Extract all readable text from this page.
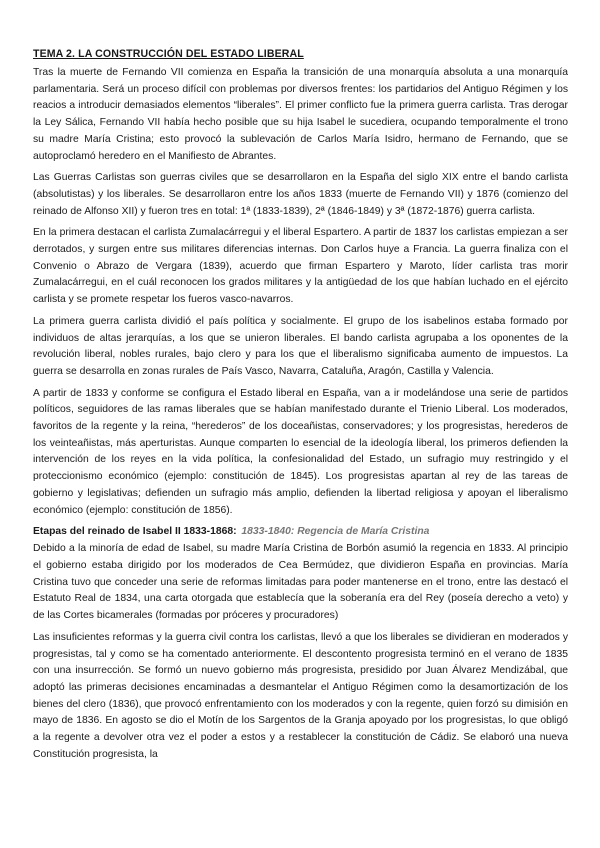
TEMA 2. LA CONSTRUCCIÓN DEL ESTADO LIBERAL

Tras la muerte de Fernando VII comienza en España la transición de una monarquía absoluta a una monarquía parlamentaria. Será un proceso difícil con problemas por diversos frentes: los partidarios del Antiguo Régimen y los reacios a introducir demasiados elementos “liberales”. El primer conflicto fue la primera guerra carlista. Tras derogar la Ley Sálica, Fernando VII había hecho posible que su hija Isabel le sucediera, ocupando temporalmente el trono su madre María Cristina; esto provocó la sublevación de Carlos María Isidro, hermano de Fernando, que se autoproclamó heredero en el Manifiesto de Abrantes.

Las Guerras Carlistas son guerras civiles que se desarrollaron en la España del siglo XIX entre el bando carlista (absolutistas) y los liberales. Se desarrollaron entre los años 1833 (muerte de Fernando VII) y 1876 (comienzo del reinado de Alfonso XII) y fueron tres en total: 1ª (1833-1839), 2ª (1846-1849) y 3ª (1872-1876) guerra carlista.

En la primera destacan el carlista Zumalacárregui y el liberal Espartero. A partir de 1837 los carlistas empiezan a ser derrotados, y surgen entre sus militares diferencias internas. Don Carlos huye a Francia. La guerra finaliza con el Convenio o Abrazo de Vergara (1839), acuerdo que firman Espartero y Maroto, líder carlista tras morir Zumalacárregui, en el cuál reconocen los grados militares y la antigüedad de los que habían luchado en el ejército carlista y se promete respetar los fueros vasco-navarros.

La primera guerra carlista dividió el país política y socialmente. El grupo de los isabelinos estaba formado por individuos de altas jerarquías, a los que se unieron liberales. El bando carlista agrupaba a los oponentes de la revolución liberal, nobles rurales, bajo clero y para los que el liberalismo significaba aumento de impuestos. La guerra se desarrolla en zonas rurales de País Vasco, Navarra, Cataluña, Aragón, Castilla y Valencia.

A partir de 1833 y conforme se configura el Estado liberal en España, van a ir modelándose una serie de partidos políticos, seguidores de las ramas liberales que se habían manifestado durante el Trienio Liberal. Los moderados, favoritos de la regente y la reina, “herederos” de los doceañistas, conservadores; y los progresistas, herederos de los veinteañistas, más aperturistas. Aunque comparten lo esencial de la ideología liberal, los primeros defienden la intervención de los reyes en la vida política, la confesionalidad del Estado, un sufragio muy restringido y el proteccionismo económico (ejemplo: constitución de 1845). Los progresistas apartan al rey de las tareas de gobierno y legislativas; defienden un sufragio más amplio, defienden la libertad religiosa y apoyan el liberalismo económico (ejemplo: constitución de 1856).

Etapas del reinado de Isabel II 1833-1868: 1833-1840: Regencia de María Cristina

Debido a la minoría de edad de Isabel, su madre María Cristina de Borbón asumió la regencia en 1833. Al principio el gobierno estaba dirigido por los moderados de Cea Bermúdez, que dividieron España en provincias. María Cristina tuvo que conceder una serie de reformas limitadas para poder mantenerse en el trono, entre las destacó el Estatuto Real de 1834, una carta otorgada que establecía que la soberanía era del Rey (poseía derecho a veto) y de las Cortes bicamerales (formadas por próceres y procuradores)

Las insuficientes reformas y la guerra civil contra los carlistas, llevó a que los liberales se dividieran en moderados y progresistas, tal y como se ha comentado anteriormente. El descontento progresista terminó en el verano de 1835 con una insurrección. Se formó un nuevo gobierno más progresista, presidido por Juan Álvarez Mendizábal, que adoptó las primeras decisiones encaminadas a desmantelar el Antiguo Régimen como la desamortización de los bienes del clero (1836), que provocó enfrentamiento con los moderados y con la regente, quien forzó su dimisión en mayo de 1836. En agosto se dio el Motín de los Sargentos de la Granja apoyado por los progresistas, lo que obligó a la regente a devolver otra vez el poder a estos y a restablecer la constitución de Cádiz. Se elaboró una nueva Constitución progresista, la
